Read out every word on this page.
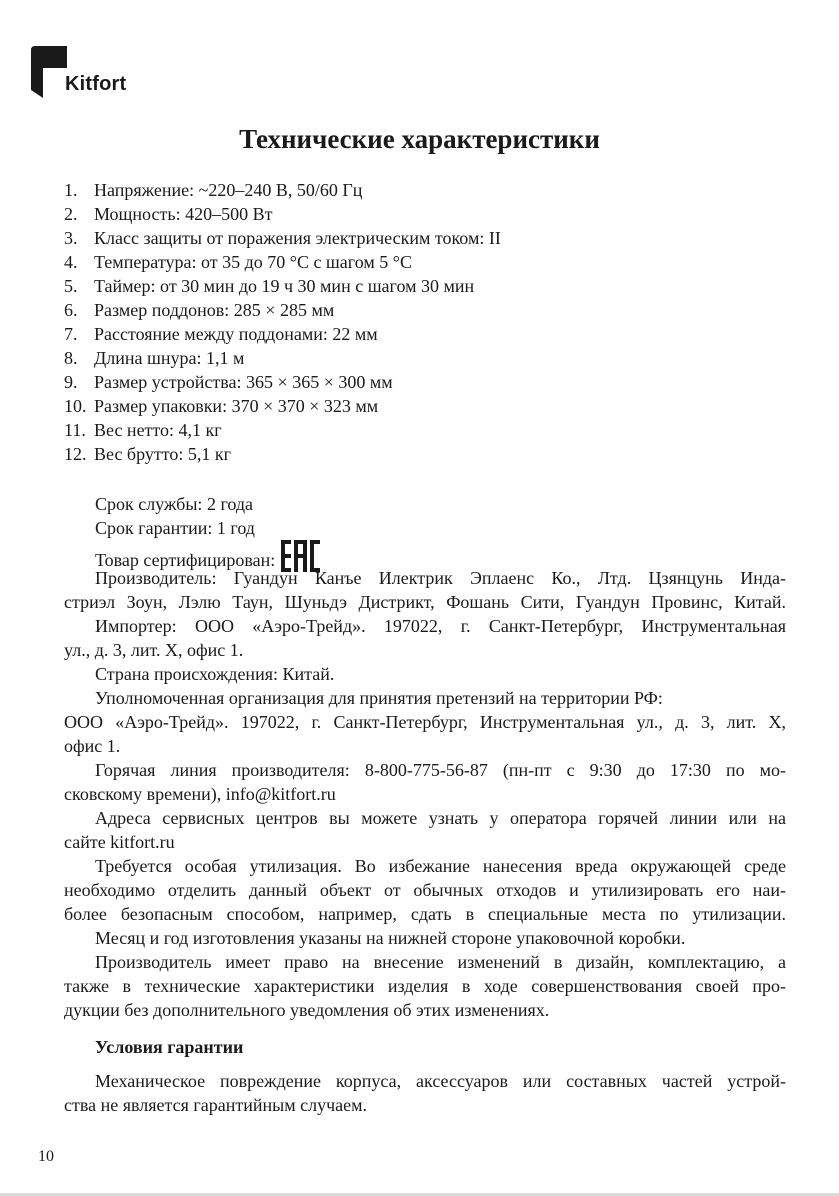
Kitfort
Технические характеристики
1. Напряжение: ~220–240 В, 50/60 Гц
2. Мощность: 420–500 Вт
3. Класс защиты от поражения электрическим током: II
4. Температура: от 35 до 70 °C с шагом 5 °C
5. Таймер: от 30 мин до 19 ч 30 мин с шагом 30 мин
6. Размер поддонов: 285 × 285 мм
7. Расстояние между поддонами: 22 мм
8. Длина шнура: 1,1 м
9. Размер устройства: 365 × 365 × 300 мм
10. Размер упаковки: 370 × 370 × 323 мм
11. Вес нетто: 4,1 кг
12. Вес брутто: 5,1 кг
Срок службы: 2 года
Срок гарантии: 1 год
Товар сертифицирован:
Производитель: Гуандун Канъе Илектрик Эплаенс Ко., Лтд. Цзянцунь Инда-
стриэл Зоун, Лэлю Таун, Шуньдэ Дистрикт, Фошань Сити, Гуандун Провинс, Китай.
Импортер: ООО «Аэро-Трейд». 197022, г. Санкт-Петербург, Инструментальная
ул., д. 3, лит. Х, офис 1.
Страна происхождения: Китай.
Уполномоченная организация для принятия претензий на территории РФ:
ООО «Аэро-Трейд». 197022, г. Санкт-Петербург, Инструментальная ул., д. 3, лит. Х,
офис 1.
Горячая линия производителя: 8-800-775-56-87 (пн-пт с 9:30 до 17:30 по мо-
сковскому времени), info@kitfort.ru
Адреса сервисных центров вы можете узнать у оператора горячей линии или на
сайте kitfort.ru
Требуется особая утилизация. Во избежание нанесения вреда окружающей среде
необходимо отделить данный объект от обычных отходов и утилизировать его наи-
более безопасным способом, например, сдать в специальные места по утилизации.
Месяц и год изготовления указаны на нижней стороне упаковочной коробки.
Производитель имеет право на внесение изменений в дизайн, комплектацию, а
также в технические характеристики изделия в ходе совершенствования своей про-
дукции без дополнительного уведомления об этих изменениях.
Условия гарантии
Механическое повреждение корпуса, аксессуаров или составных частей устрой-
ства не является гарантийным случаем.
10
